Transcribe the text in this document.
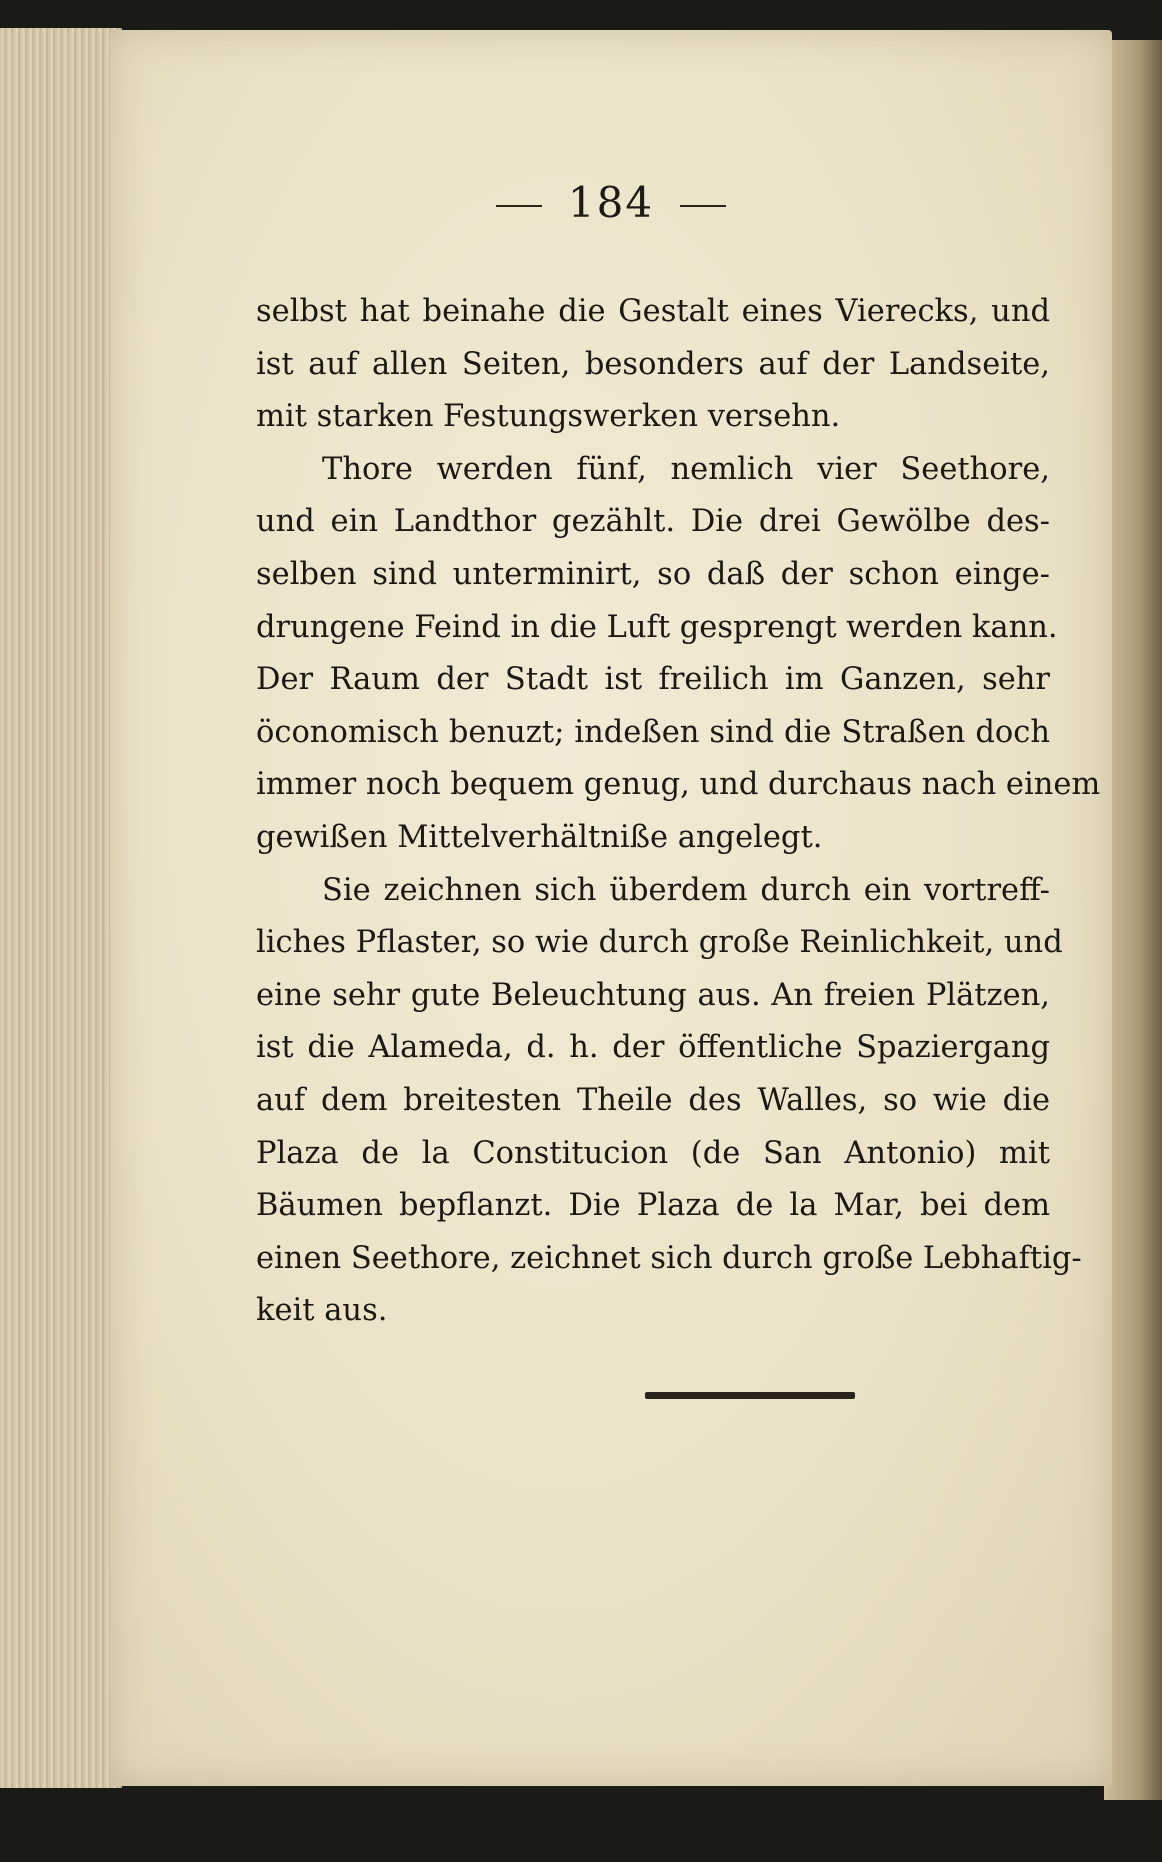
184
selbst hat beinahe die Gestalt eines Vierecks, und
ist auf allen Seiten, besonders auf der Landseite,
mit starken Festungswerken versehn.
Thore werden fünf, nemlich vier Seethore,
und ein Landthor gezählt. Die drei Gewölbe des-
selben sind unterminirt, so daß der schon einge-
drungene Feind in die Luft gesprengt werden kann.
Der Raum der Stadt ist freilich im Ganzen, sehr
öconomisch benuzt; indeßen sind die Straßen doch
immer noch bequem genug, und durchaus nach einem
gewißen Mittelverhältniße angelegt.
Sie zeichnen sich überdem durch ein vortreff-
liches Pflaster, so wie durch große Reinlichkeit, und
eine sehr gute Beleuchtung aus. An freien Plätzen,
ist die Alameda, d. h. der öffentliche Spaziergang
auf dem breitesten Theile des Walles, so wie die
Plaza de la Constitucion (de San Antonio) mit
Bäumen bepflanzt. Die Plaza de la Mar, bei dem
einen Seethore, zeichnet sich durch große Lebhaftig-
keit aus.
